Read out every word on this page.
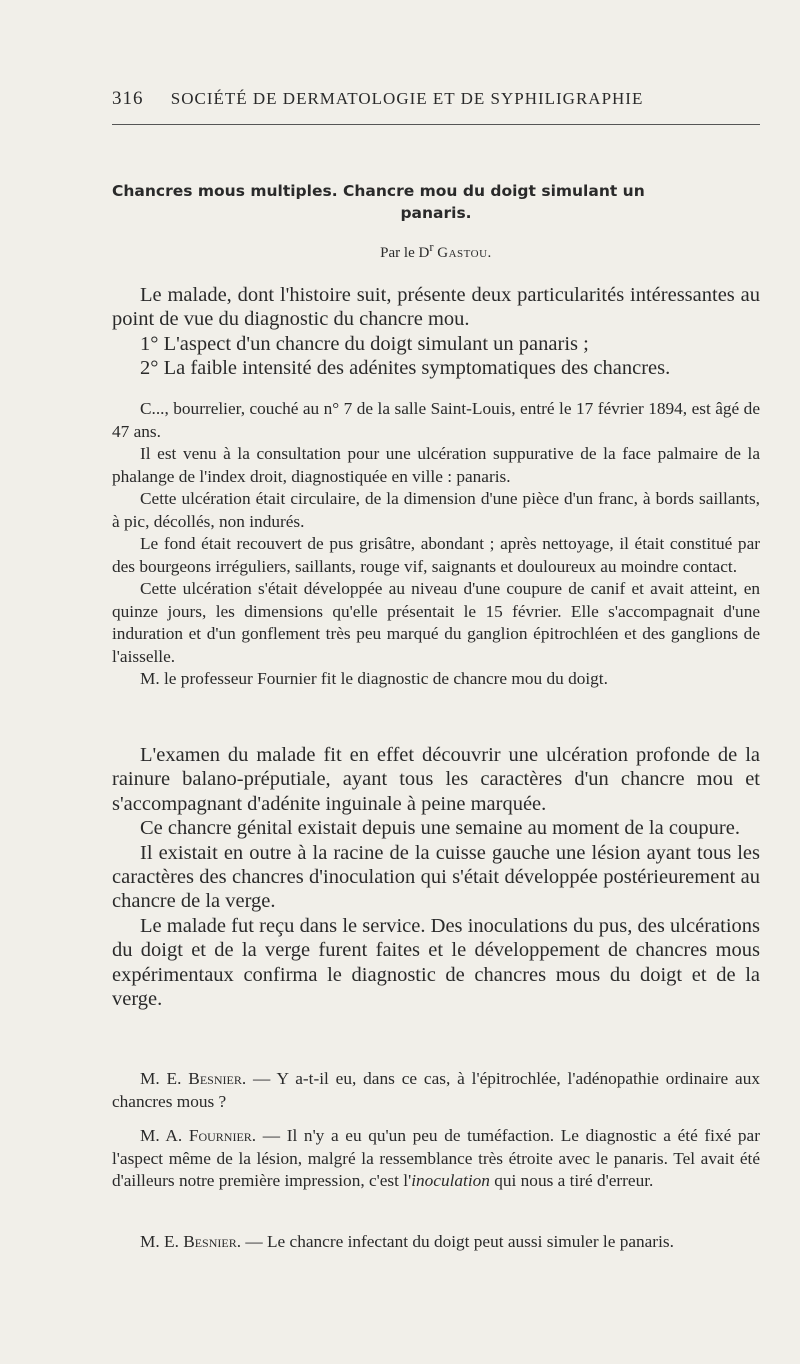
316 SOCIÉTÉ DE DERMATOLOGIE ET DE SYPHILIGRAPHIE
Chancres mous multiples. Chancre mou du doigt simulant un
panaris.
Par le $D^r$ Gastou.

Le malade, dont l'histoire suit, présente deux particularités intéressantes au point de vue du diagnostic du chancre mou.

1° L'aspect d'un chancre du doigt simulant un panaris ;

2° La faible intensité des adénites symptomatiques des chancres.

C..., bourrelier, couché au n° 7 de la salle Saint-Louis, entré le 17 février 1894, est âgé de 47 ans.

Il est venu à la consultation pour une ulcération suppurative de la face palmaire de la phalange de l'index droit, diagnostiquée en ville : panaris.

Cette ulcération était circulaire, de la dimension d'une pièce d'un franc, à bords saillants, à pic, décollés, non indurés.

Le fond était recouvert de pus grisâtre, abondant ; après nettoyage, il était constitué par des bourgeons irréguliers, saillants, rouge vif, saignants et douloureux au moindre contact.

Cette ulcération s'était développée au niveau d'une coupure de canif et avait atteint, en quinze jours, les dimensions qu'elle présentait le 15 février. Elle s'accompagnait d'une induration et d'un gonflement très peu marqué du ganglion épitrochléen et des ganglions de l'aisselle.

M. le professeur Fournier fit le diagnostic de chancre mou du doigt.

L'examen du malade fit en effet découvrir une ulcération profonde de la rainure balano-préputiale, ayant tous les caractères d'un chancre mou et s'accompagnant d'adénite inguinale à peine marquée.

Ce chancre génital existait depuis une semaine au moment de la coupure.

Il existait en outre à la racine de la cuisse gauche une lésion ayant tous les caractères des chancres d'inoculation qui s'était développée postérieurement au chancre de la verge.

Le malade fut reçu dans le service. Des inoculations du pus, des ulcérations du doigt et de la verge furent faites et le développement de chancres mous expérimentaux confirma le diagnostic de chancres mous du doigt et de la verge.

M. E. Besnier. — Y a-t-il eu, dans ce cas, à l'épitrochlée, l'adénopathie ordinaire aux chancres mous ?

M. A. Fournier. — Il n'y a eu qu'un peu de tuméfaction. Le diagnostic a été fixé par l'aspect même de la lésion, malgré la ressemblance très étroite avec le panaris. Tel avait été d'ailleurs notre première impression, c'est l'inoculation qui nous a tiré d'erreur.

M. E. Besnier. — Le chancre infectant du doigt peut aussi simuler le panaris.
